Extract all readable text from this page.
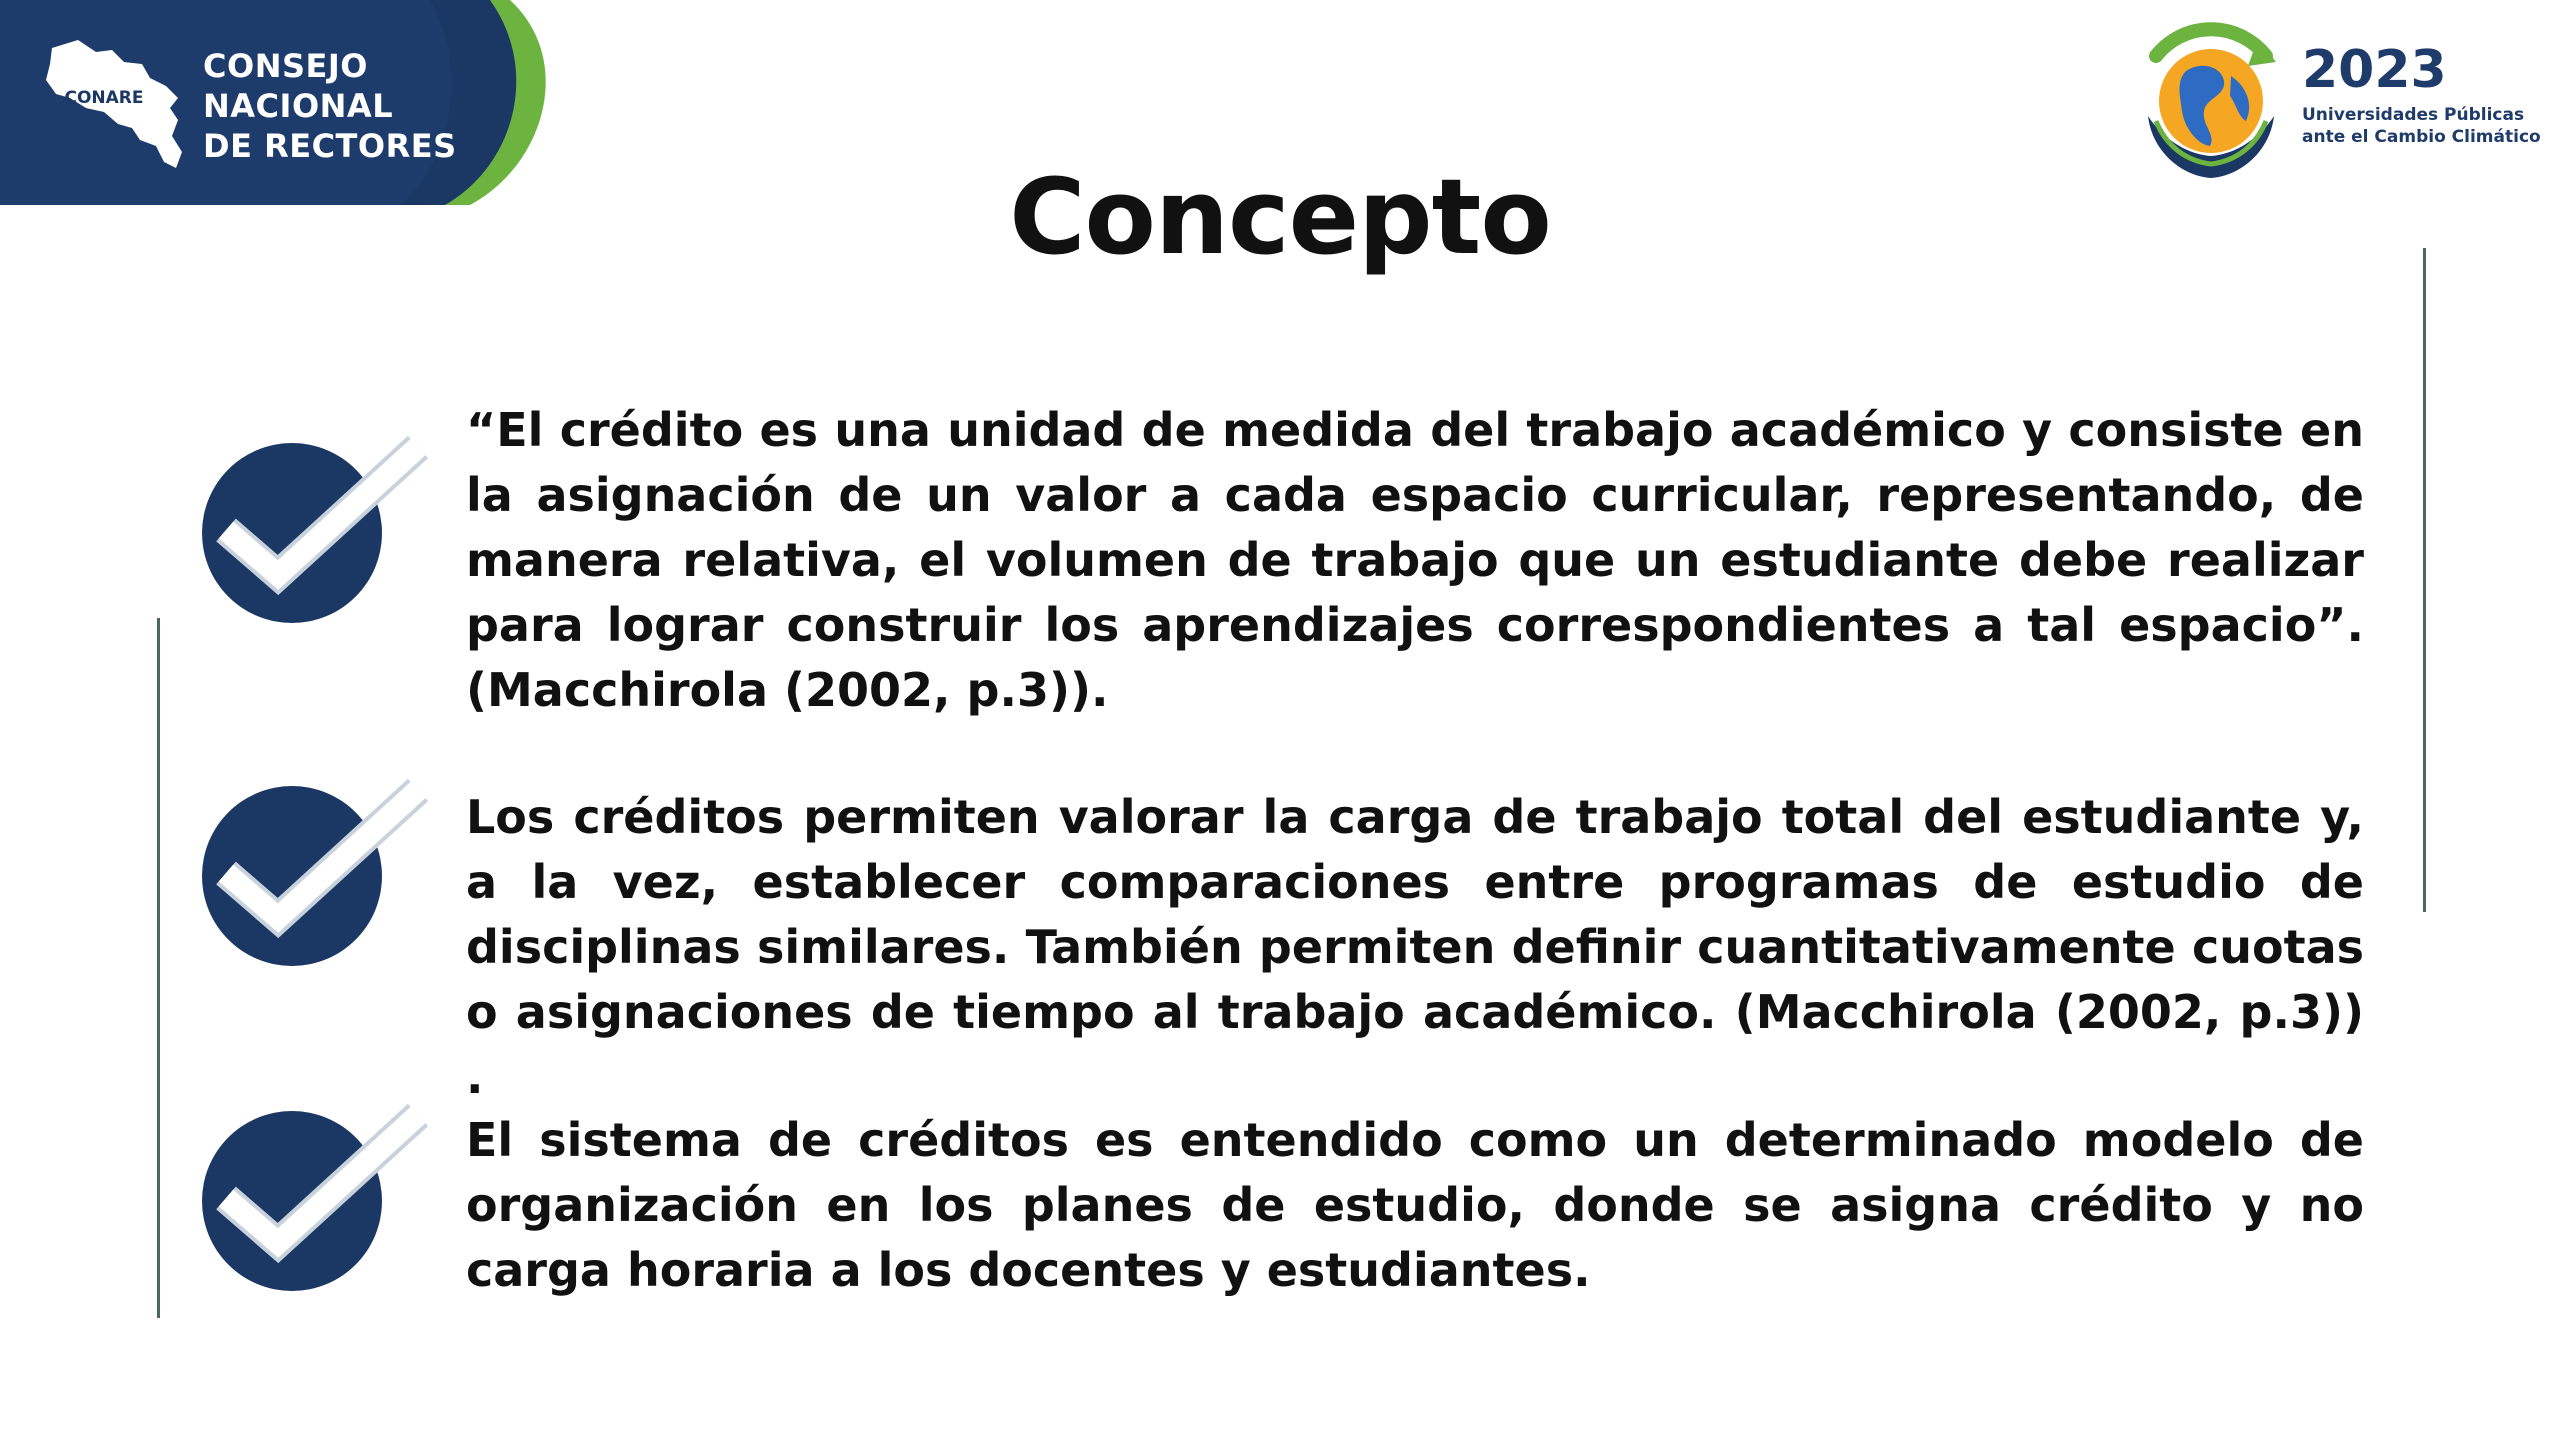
CONARE
CONSEJO
NACIONAL
DE RECTORES
2023
Universidades Públicas
ante el Cambio Climático
Concepto
“El crédito es una unidad de medida del trabajo académico y consiste en la asignación de un valor a cada espacio curricular, representando, de manera relativa, el volumen de trabajo que un estudiante debe realizar para lograr construir los aprendizajes correspondientes a tal espacio”. (Macchirola (2002, p.3)).
Los créditos permiten valorar la carga de trabajo total del estudiante y, a la vez, establecer comparaciones entre programas de estudio de disciplinas similares. También permiten definir cuantitativamente cuotas o asignaciones de tiempo al trabajo académico. (Macchirola (2002, p.3)) .
El sistema de créditos es entendido como un determinado modelo de organización en los planes de estudio, donde se asigna crédito y no carga horaria a los docentes y estudiantes.
